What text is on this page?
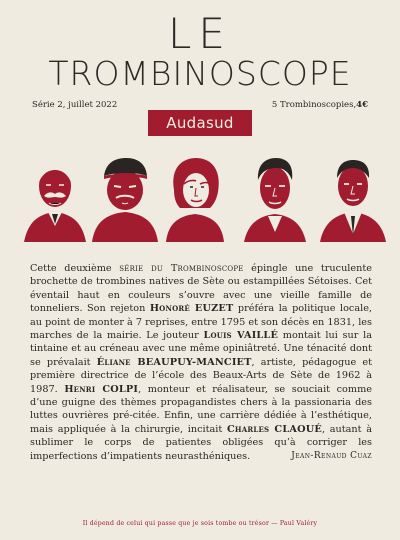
LE
TROMBINOSCOPE
Série 2, juillet 2022	5 Trombinoscopies,4€
Audasud
Cette deuxième série du Trombinoscope épingle une truculente brochette de trombines natives de Sète ou estampillées Sétoises. Cet éventail haut en couleurs s’ouvre avec une vieille famille de tonneliers. Son rejeton Honoré EUZET préféra la politique locale, au point de monter à 7 reprises, entre 1795 et son décès en 1831, les marches de la mairie. Le jouteur Louis VAILLÉ montait lui sur la tintaine et au créneau avec une même opiniâtreté. Une ténacité dont se prévalait Éliane BEAUPUY-MANCIET, artiste, pédagogue et première directrice de l’école des Beaux-Arts de Sète de 1962 à 1987. Henri COLPI, monteur et réalisateur, se souciait comme d’une guigne des thèmes propagandistes chers à la passionaria des luttes ouvrières pré-citée. Enfin, une carrière dédiée à l’esthétique, mais appliquée à la chirurgie, incitait Charles CLAOUÉ, autant à sublimer le corps de patientes obligées qu’à corriger les imperfections d’impatients neurasthéniques.	Jean-Renaud Cuaz
Il dépend de celui qui passe que je sois tombe ou trésor — Paul Valéry
